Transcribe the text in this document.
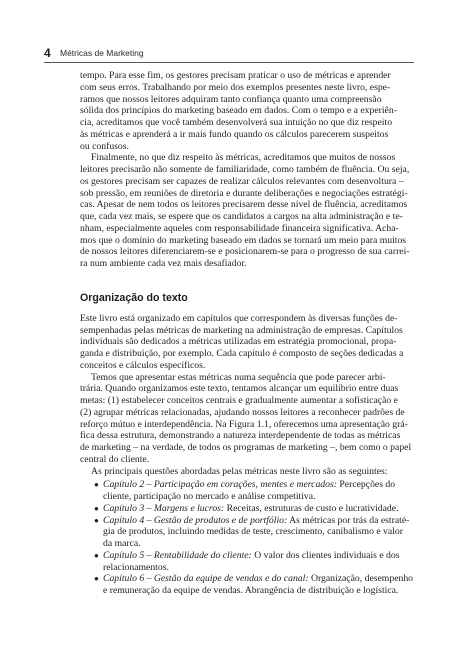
4 Métricas de Marketing
tempo. Para esse fim, os gestores precisam praticar o uso de métricas e aprender
com seus erros. Trabalhando por meio dos exemplos presentes neste livro, espe-
ramos que nossos leitores adquiram tanto confiança quanto uma compreensão
sólida dos princípios do marketing baseado em dados. Com o tempo e a experiên-
cia, acreditamos que você também desenvolverá sua intuição no que diz respeito
às métricas e aprenderá a ir mais fundo quando os cálculos parecerem suspeitos
ou confusos.
Finalmente, no que diz respeito às métricas, acreditamos que muitos de nossos
leitores precisarão não somente de familiaridade, como também de fluência. Ou seja,
os gestores precisam ser capazes de realizar cálculos relevantes com desenvoltura –
sob pressão, em reuniões de diretoria e durante deliberações e negociações estratégi-
cas. Apesar de nem todos os leitores precisarem desse nível de fluência, acreditamos
que, cada vez mais, se espere que os candidatos a cargos na alta administração e te-
nham, especialmente aqueles com responsabilidade financeira significativa. Acha-
mos que o domínio do marketing baseado em dados se tornará um meio para muitos
de nossos leitores diferenciarem-se e posicionarem-se para o progresso de sua carrei-
ra num ambiente cada vez mais desafiador.
Organização do texto
Este livro está organizado em capítulos que correspondem às diversas funções de-
sempenhadas pelas métricas de marketing na administração de empresas. Capítulos
individuais são dedicados a métricas utilizadas em estratégia promocional, propa-
ganda e distribuição, por exemplo. Cada capítulo é composto de seções dedicadas a
conceitos e cálculos específicos.
Temos que apresentar estas métricas numa sequência que pode parecer arbi-
trária. Quando organizamos este texto, tentamos alcançar um equilíbrio entre duas
metas: (1) estabelecer conceitos centrais e gradualmente aumentar a sofisticação e
(2) agrupar métricas relacionadas, ajudando nossos leitores a reconhecer padrões de
reforço mútuo e interdependência. Na Figura 1.1, oferecemos uma apresentação grá-
fica dessa estrutura, demonstrando a natureza interdependente de todas as métricas
de marketing – na verdade, de todos os programas de marketing –, bem como o papel
central do cliente.
As principais questões abordadas pelas métricas neste livro são as seguintes:
● Capítulo 2 – Participação em corações, mentes e mercados: Percepções do
cliente, participação no mercado e análise competitiva.
● Capítulo 3 – Margens e lucros: Receitas, estruturas de custo e lucratividade.
● Capítulo 4 – Gestão de produtos e de portfólio: As métricas por trás da estraté-
gia de produtos, incluindo medidas de teste, crescimento, canibalismo e valor
da marca.
● Capítulo 5 – Rentabilidade do cliente: O valor dos clientes individuais e dos
relacionamentos.
● Capítulo 6 – Gestão da equipe de vendas e do canal: Organização, desempenho
e remuneração da equipe de vendas. Abrangência de distribuição e logística.
